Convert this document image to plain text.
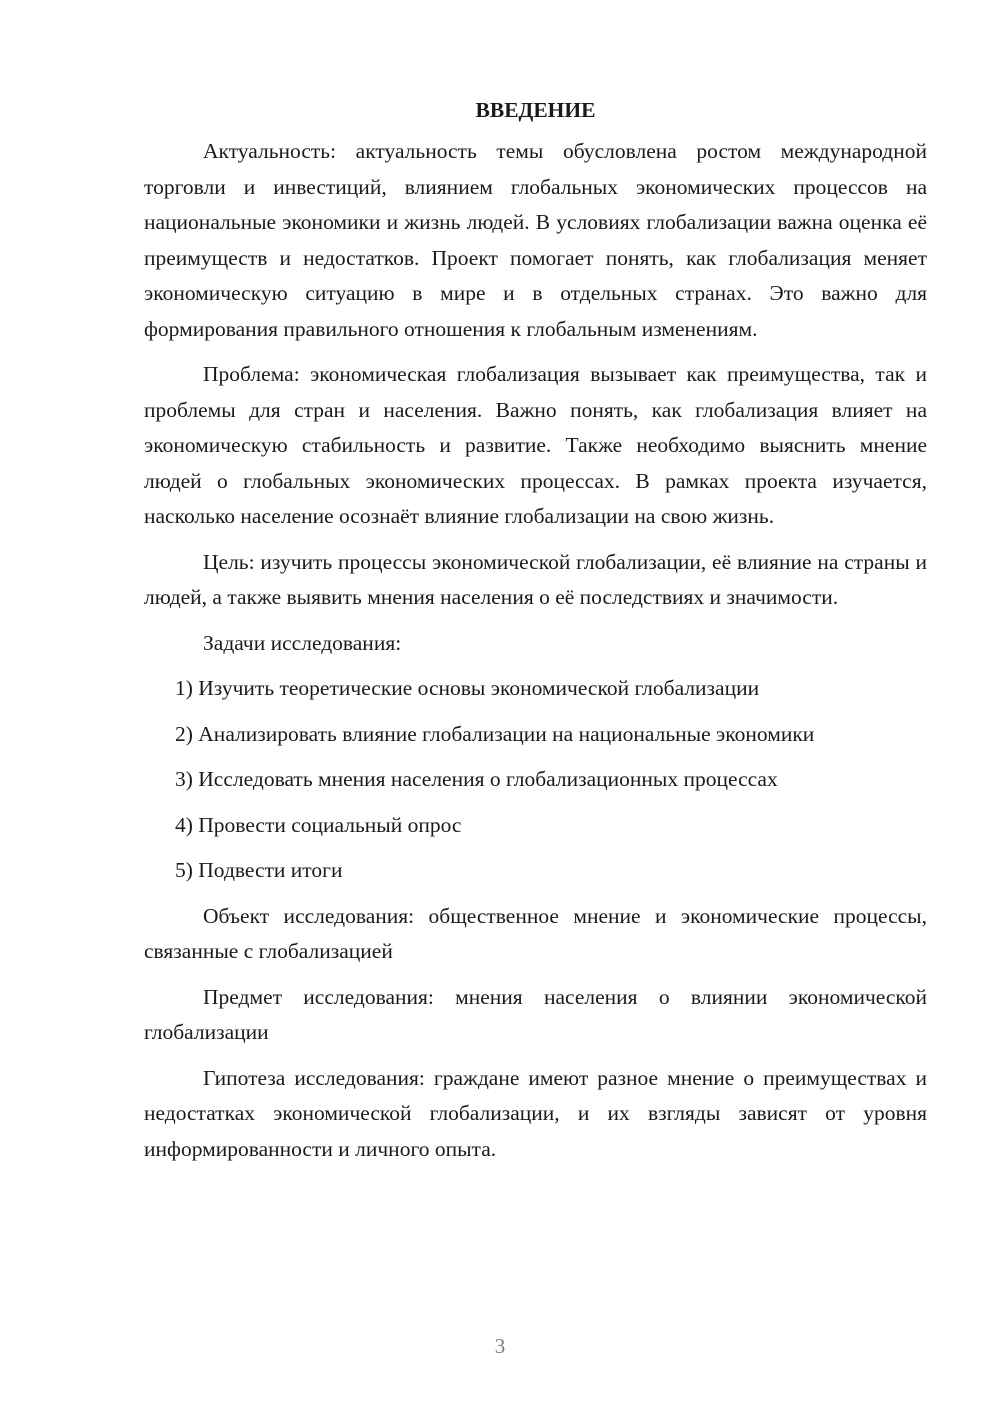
ВВЕДЕНИЕ

Актуальность: актуальность темы обусловлена ростом международной торговли и инвестиций, влиянием глобальных экономических процессов на национальные экономики и жизнь людей. В условиях глобализации важна оценка её преимуществ и недостатков. Проект помогает понять, как глобализация меняет экономическую ситуацию в мире и в отдельных странах. Это важно для формирования правильного отношения к глобальным изменениям.

Проблема: экономическая глобализация вызывает как преимущества, так и проблемы для стран и населения. Важно понять, как глобализация влияет на экономическую стабильность и развитие. Также необходимо выяснить мнение людей о глобальных экономических процессах. В рамках проекта изучается, насколько население осознаёт влияние глобализации на свою жизнь.

Цель: изучить процессы экономической глобализации, её влияние на страны и людей, а также выявить мнения населения о её последствиях и значимости.

Задачи исследования:

1) Изучить теоретические основы экономической глобализации

2) Анализировать влияние глобализации на национальные экономики

3) Исследовать мнения населения о глобализационных процессах

4) Провести социальный опрос

5) Подвести итоги

Объект исследования: общественное мнение и экономические процессы, связанные с глобализацией

Предмет исследования: мнения населения о влиянии экономической глобализации

Гипотеза исследования: граждане имеют разное мнение о преимуществах и недостатках экономической глобализации, и их взгляды зависят от уровня информированности и личного опыта.

3
